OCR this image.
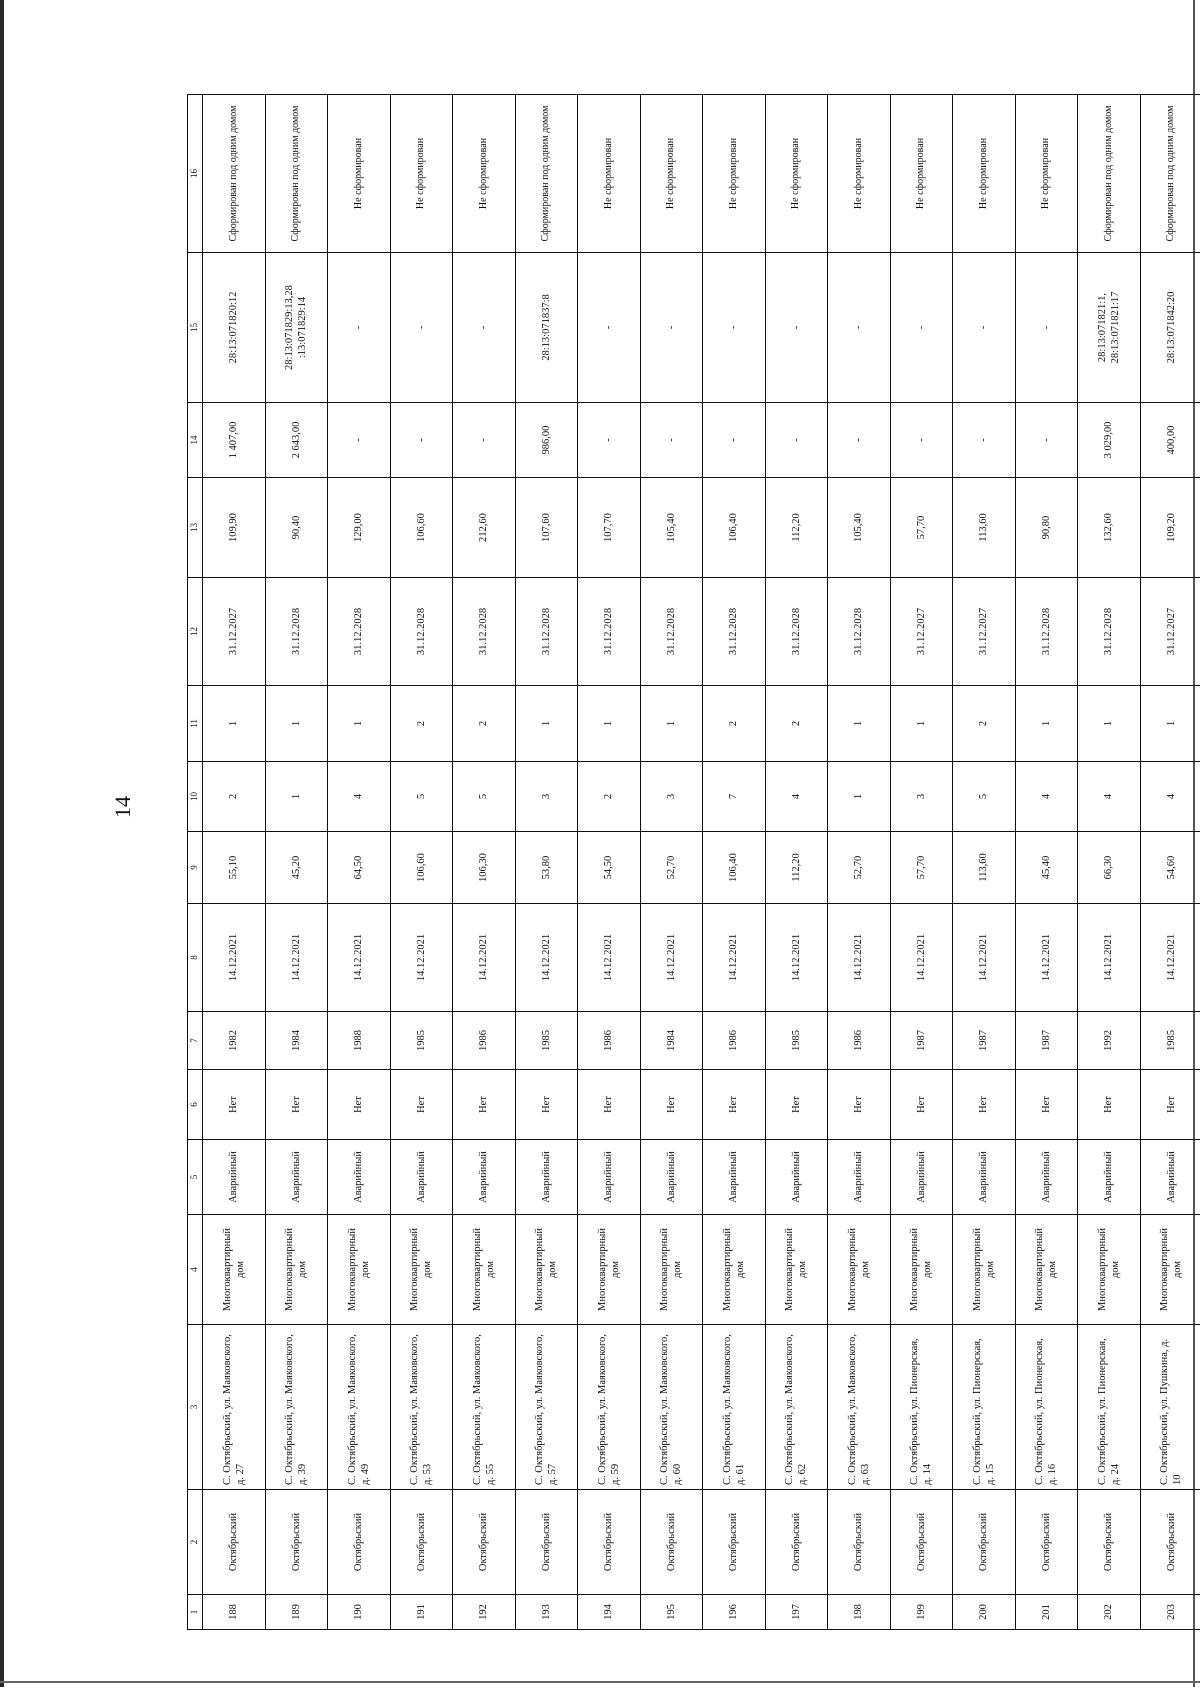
14
1	2	3	4	5	6	7	8	9	10	11	12	13	14	15	16
188	Октябрьский	С. Октябрьский, ул. Маяковского, д. 27	Многоквартирный дом	Аварийный	Нет	1982	14.12.2021	55,10	2	1	31.12.2027	109,90	1 407,00	28:13:071820:12	Сформирован под одним домом
189	Октябрьский	С. Октябрьский, ул. Маяковского, д. 39	Многоквартирный дом	Аварийный	Нет	1984	14.12.2021	45,20	1	1	31.12.2028	90,40	2 643,00	28:13:071829:13,28 :13:071829:14	Сформирован под одним домом
190	Октябрьский	С. Октябрьский, ул. Маяковского, д. 49	Многоквартирный дом	Аварийный	Нет	1988	14.12.2021	64,50	4	1	31.12.2028	129,00	-	-	Не сформирован
191	Октябрьский	С. Октябрьский, ул. Маяковского, д. 53	Многоквартирный дом	Аварийный	Нет	1985	14.12.2021	106,60	5	2	31.12.2028	106,60	-	-	Не сформирован
192	Октябрьский	С. Октябрьский, ул. Маяковского, д. 55	Многоквартирный дом	Аварийный	Нет	1986	14.12.2021	106,30	5	2	31.12.2028	212,60	-	-	Не сформирован
193	Октябрьский	С. Октябрьский, ул. Маяковского, д. 57	Многоквартирный дом	Аварийный	Нет	1985	14.12.2021	53,80	3	1	31.12.2028	107,60	986,00	28:13:071837:8	Сформирован под одним домом
194	Октябрьский	С. Октябрьский, ул. Маяковского, д. 59	Многоквартирный дом	Аварийный	Нет	1986	14.12.2021	54,50	2	1	31.12.2028	107,70	-	-	Не сформирован
195	Октябрьский	С. Октябрьский, ул. Маяковского, д. 60	Многоквартирный дом	Аварийный	Нет	1984	14.12.2021	52,70	3	1	31.12.2028	105,40	-	-	Не сформирован
196	Октябрьский	С. Октябрьский, ул. Маяковского, д. 61	Многоквартирный дом	Аварийный	Нет	1986	14.12.2021	106,40	7	2	31.12.2028	106,40	-	-	Не сформирован
197	Октябрьский	С. Октябрьский, ул. Маяковского, д. 62	Многоквартирный дом	Аварийный	Нет	1985	14.12.2021	112,20	4	2	31.12.2028	112,20	-	-	Не сформирован
198	Октябрьский	С. Октябрьский, ул. Маяковского, д. 63	Многоквартирный дом	Аварийный	Нет	1986	14.12.2021	52,70	1	1	31.12.2028	105,40	-	-	Не сформирован
199	Октябрьский	С. Октябрьский, ул. Пионерская, д. 14	Многоквартирный дом	Аварийный	Нет	1987	14.12.2021	57,70	3	1	31.12.2027	57,70	-	-	Не сформирован
200	Октябрьский	С. Октябрьский, ул. Пионерская, д. 15	Многоквартирный дом	Аварийный	Нет	1987	14.12.2021	113,60	5	2	31.12.2027	113,60	-	-	Не сформирован
201	Октябрьский	С. Октябрьский, ул. Пионерская, д. 16	Многоквартирный дом	Аварийный	Нет	1987	14.12.2021	45,40	4	1	31.12.2028	90,80	-	-	Не сформирован
202	Октябрьский	С. Октябрьский, ул. Пионерская, д. 24	Многоквартирный дом	Аварийный	Нет	1992	14.12.2021	66,30	4	1	31.12.2028	132,60	3 029,00	28:13:071821:1, 28:13:071821:17	Сформирован под одним домом
203	Октябрьский	С. Октябрьский, ул. Пушкина, д. 10	Многоквартирный дом	Аварийный	Нет	1985	14.12.2021	54,60	4	1	31.12.2027	109,20	400,00	28:13:071842:20	Сформирован под одним домом
